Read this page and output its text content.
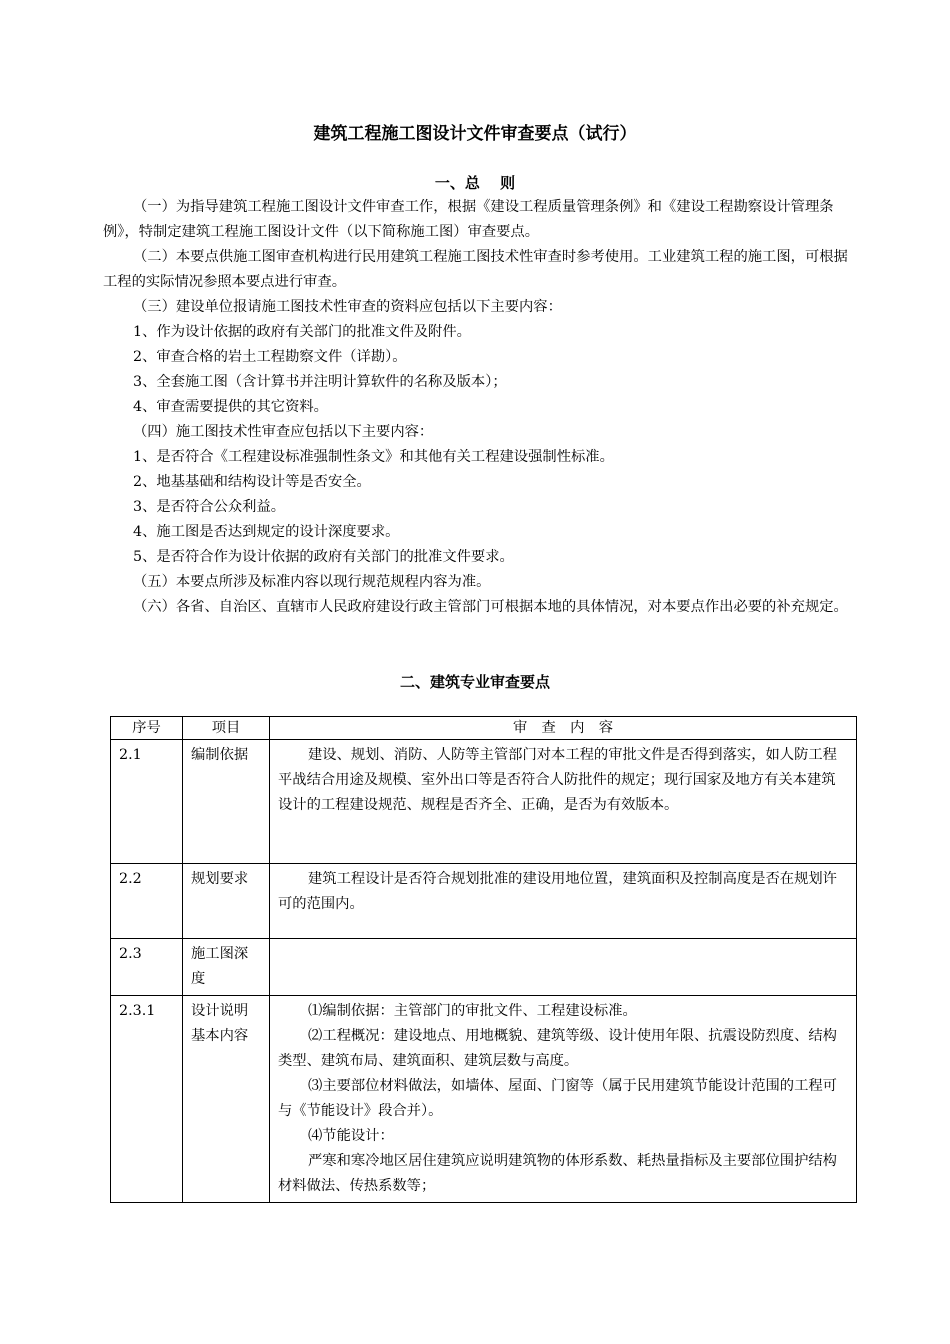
建筑工程施工图设计文件审查要点（试行）
一、总　 则

（一）为指导建筑工程施工图设计文件审查工作，根据《建设工程质量管理条例》和《建设工程勘察设计管理条例》，特制定建筑工程施工图设计文件（以下简称施工图）审查要点。

（二）本要点供施工图审查机构进行民用建筑工程施工图技术性审查时参考使用。工业建筑工程的施工图，可根据工程的实际情况参照本要点进行审查。

（三）建设单位报请施工图技术性审查的资料应包括以下主要内容：

1、作为设计依据的政府有关部门的批准文件及附件。

2、审查合格的岩土工程勘察文件（详勘）。

3、全套施工图（含计算书并注明计算软件的名称及版本）；

4、审查需要提供的其它资料。

（四）施工图技术性审查应包括以下主要内容：

1、是否符合《工程建设标准强制性条文》和其他有关工程建设强制性标准。

2、地基基础和结构设计等是否安全。

3、是否符合公众利益。

4、施工图是否达到规定的设计深度要求。

5、是否符合作为设计依据的政府有关部门的批准文件要求。

（五）本要点所涉及标准内容以现行规范规程内容为准。

（六）各省、自治区、直辖市人民政府建设行政主管部门可根据本地的具体情况，对本要点作出必要的补充规定。

二、建筑专业审查要点
序号	项目	审　查　内　容
2.1	编制依据	建设、规划、消防、人防等主管部门对本工程的审批文件是否得到落实，如人防工程平战结合用途及规模、室外出口等是否符合人防批件的规定；现行国家及地方有关本建筑设计的工程建设规范、规程是否齐全、正确，是否为有效版本。

2.2	规划要求	建筑工程设计是否符合规划批准的建设用地位置，建筑面积及控制高度是否在规划许可的范围内。

2.3	施工图深度	
2.3.1	设计说明基本内容	⑴编制依据：主管部门的审批文件、工程建设标准。

⑵工程概况：建设地点、用地概貌、建筑等级、设计使用年限、抗震设防烈度、结构类型、建筑布局、建筑面积、建筑层数与高度。

⑶主要部位材料做法，如墙体、屋面、门窗等（属于民用建筑节能设计范围的工程可与《节能设计》段合并）。

⑷节能设计：

严寒和寒冷地区居住建筑应说明建筑物的体形系数、耗热量指标及主要部位围护结构材料做法、传热系数等；
